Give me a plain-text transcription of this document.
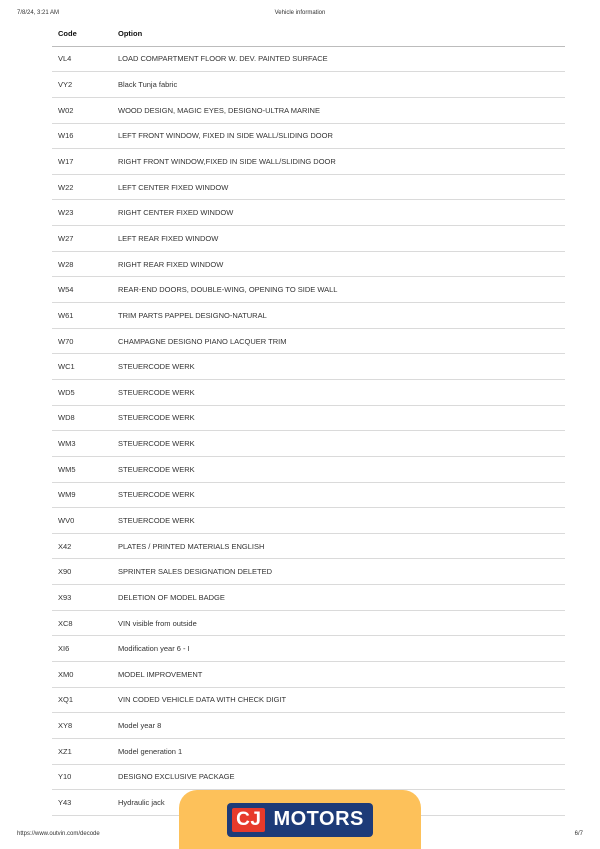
7/8/24, 3:21 AM	Vehicle information
Code	Option
VL4	LOAD COMPARTMENT FLOOR W. DEV. PAINTED SURFACE
VY2	Black Tunja fabric
W02	WOOD DESIGN, MAGIC EYES, DESIGNO-ULTRA MARINE
W16	LEFT FRONT WINDOW, FIXED IN SIDE WALL/SLIDING DOOR
W17	RIGHT FRONT WINDOW,FIXED IN SIDE WALL/SLIDING DOOR
W22	LEFT CENTER FIXED WINDOW
W23	RIGHT CENTER FIXED WINDOW
W27	LEFT REAR FIXED WINDOW
W28	RIGHT REAR FIXED WINDOW
W54	REAR-END DOORS, DOUBLE-WING, OPENING TO SIDE WALL
W61	TRIM PARTS PAPPEL DESIGNO-NATURAL
W70	CHAMPAGNE DESIGNO PIANO LACQUER TRIM
WC1	STEUERCODE WERK
WD5	STEUERCODE WERK
WD8	STEUERCODE WERK
WM3	STEUERCODE WERK
WM5	STEUERCODE WERK
WM9	STEUERCODE WERK
WV0	STEUERCODE WERK
X42	PLATES / PRINTED MATERIALS ENGLISH
X90	SPRINTER SALES DESIGNATION DELETED
X93	DELETION OF MODEL BADGE
XC8	VIN visible from outside
XI6	Modification year 6 - I
XM0	MODEL IMPROVEMENT
XQ1	VIN CODED VEHICLE DATA WITH CHECK DIGIT
XY8	Model year 8
XZ1	Model generation 1
Y10	DESIGNO EXCLUSIVE PACKAGE
Y43	Hydraulic jack
https://www.outvin.com/decode	6/7
CJ MOTORS
